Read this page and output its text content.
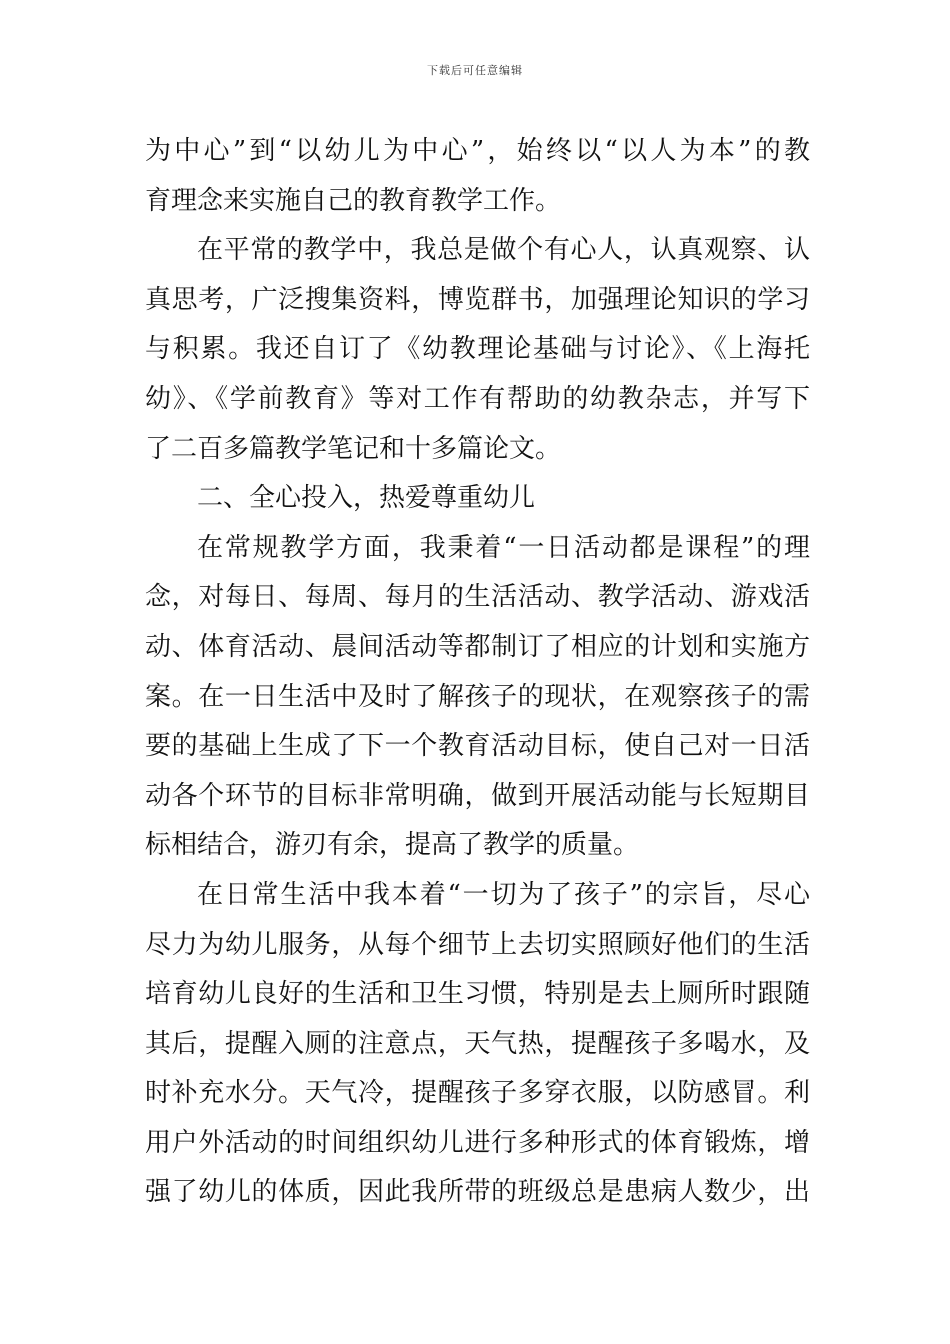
下载后可任意编辑
为中心”到“以幼儿为中心”，始终以“以人为本”的教
育理念来实施自己的教育教学工作。
在平常的教学中，我总是做个有心人，认真观察、认
真思考，广泛搜集资料，博览群书，加强理论知识的学习
与积累。我还自订了《幼教理论基础与讨论》、《上海托
幼》、《学前教育》等对工作有帮助的幼教杂志，并写下
了二百多篇教学笔记和十多篇论文。
二、全心投入，热爱尊重幼儿
在常规教学方面，我秉着“一日活动都是课程”的理
念，对每日、每周、每月的生活活动、教学活动、游戏活
动、体育活动、晨间活动等都制订了相应的计划和实施方
案。在一日生活中及时了解孩子的现状，在观察孩子的需
要的基础上生成了下一个教育活动目标，使自己对一日活
动各个环节的目标非常明确，做到开展活动能与长短期目
标相结合，游刃有余，提高了教学的质量。
在日常生活中我本着“一切为了孩子”的宗旨，尽心
尽力为幼儿服务，从每个细节上去切实照顾好他们的生活
培育幼儿良好的生活和卫生习惯，特别是去上厕所时跟随
其后，提醒入厕的注意点，天气热，提醒孩子多喝水，及
时补充水分。天气冷，提醒孩子多穿衣服，以防感冒。利
用户外活动的时间组织幼儿进行多种形式的体育锻炼，增
强了幼儿的体质，因此我所带的班级总是患病人数少，出
